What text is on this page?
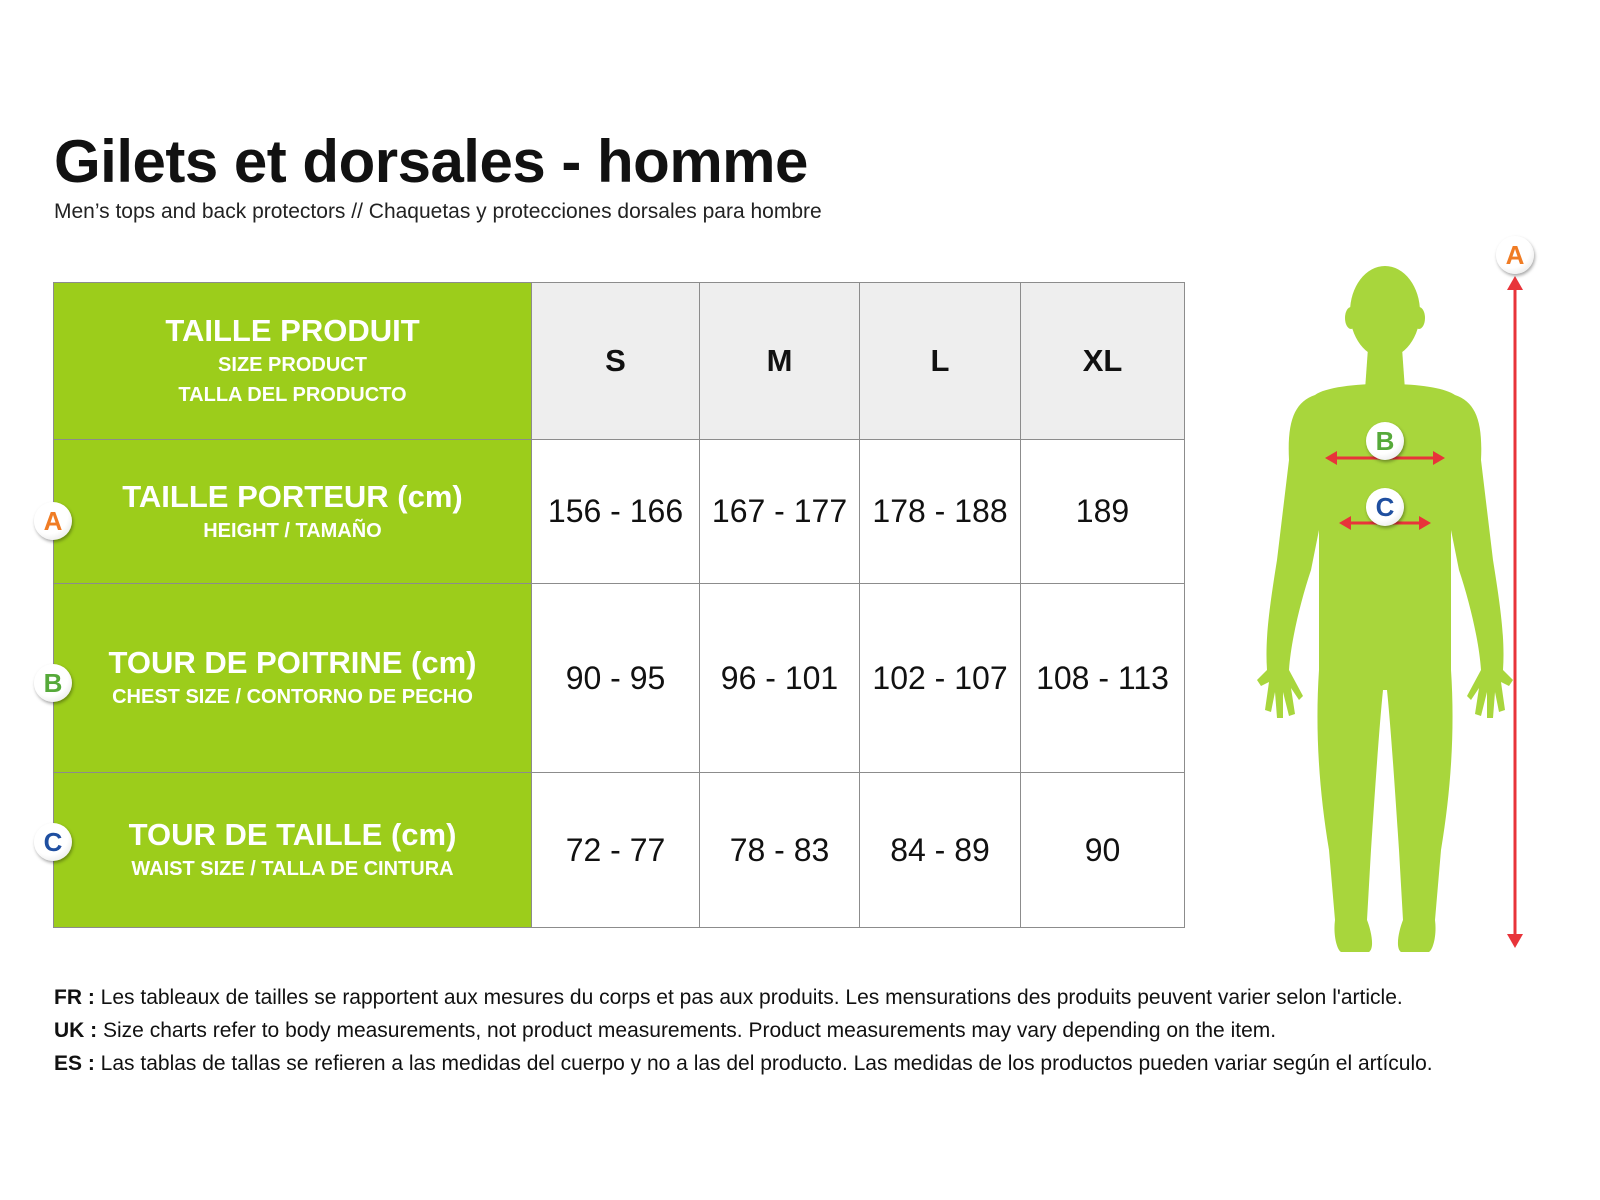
Gilets et dorsales - homme

Men’s tops and back protectors // Chaquetas y protecciones dorsales para hombre

TAILLE PRODUIT
SIZE PRODUCT
TALLA DEL PRODUCTO	S	M	L	XL

TAILLE PORTEUR (cm)
HEIGHT / TAMAÑO	156 - 166	167 - 177	178 - 188	189

TOUR DE POITRINE (cm)
CHEST SIZE / CONTORNO DE PECHO	90 - 95	96 - 101	102 - 107	108 - 113

TOUR DE TAILLE (cm)
WAIST SIZE / TALLA DE CINTURA	72 - 77	78 - 83	84 - 89	90
A
B
C
A
B
C
FR : Les tableaux de tailles se rapportent aux mesures du corps et pas aux produits. Les mensurations des produits peuvent varier selon l'article.
UK : Size charts refer to body measurements, not product measurements. Product measurements may vary depending on the item.
ES : Las tablas de tallas se refieren a las medidas del cuerpo y no a las del producto. Las medidas de los productos pueden variar según el artículo.
